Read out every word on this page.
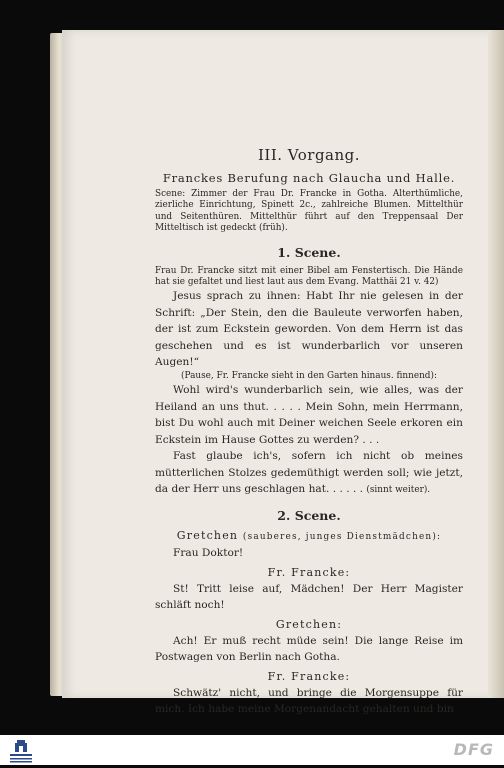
III. Vorgang.
Franckes Berufung nach Glaucha und Halle.
Scene: Zimmer der Frau Dr. Francke in Gotha. Alterthümliche, zierliche Einrichtung, Spinett 2c., zahlreiche Blumen. Mittelthür und Seitenthüren. Mittelthür führt auf den Treppensaal Der Mitteltisch ist gedeckt (früh).
1. Scene.
Frau Dr. Francke sitzt mit einer Bibel am Fenstertisch. Die Hände hat sie gefaltet und liest laut aus dem Evang. Matthäi 21 v. 42)
Jesus sprach zu ihnen: Habt Ihr nie gelesen in der Schrift: „Der Stein, den die Bauleute verworfen haben, der ist zum Eckstein geworden. Von dem Herrn ist das geschehen und es ist wunderbarlich vor unseren Augen!“
(Pause, Fr. Francke sieht in den Garten hinaus. finnend):
Wohl wird's wunderbarlich sein, wie alles, was der Heiland an uns thut. . . . . Mein Sohn, mein Herrmann, bist Du wohl auch mit Deiner weichen Seele erkoren ein Eckstein im Hause Gottes zu werden? . . .
Fast glaube ich's, sofern ich nicht ob meines mütterlichen Stolzes gedemüthigt werden soll; wie jetzt, da der Herr uns geschlagen hat. . . . . . (sinnt weiter).
2. Scene.
Gretchen (sauberes, junges Dienstmädchen):
Frau Doktor!
Fr. Francke:
St! Tritt leise auf, Mädchen! Der Herr Magister schläft noch!
Gretchen:
Ach! Er muß recht müde sein! Die lange Reise im Postwagen von Berlin nach Gotha.
Fr. Francke:
Schwätz' nicht, und bringe die Morgensuppe für mich. Ich habe meine Morgenandacht gehalten und bin
DFG
